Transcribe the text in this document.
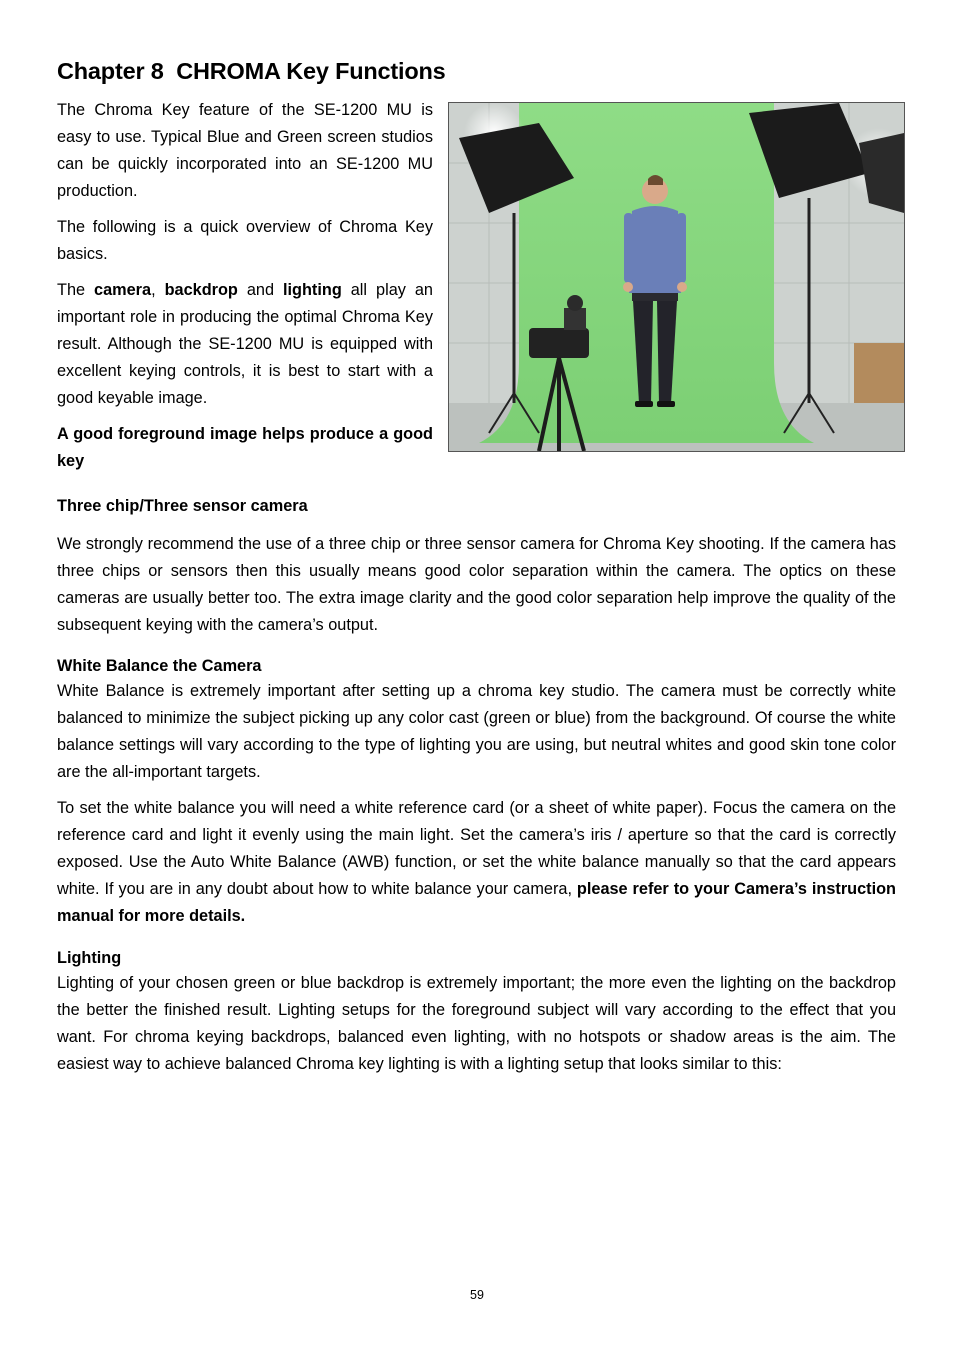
Chapter 8  CHROMA Key Functions

The Chroma Key feature of the SE-1200 MU is easy to use. Typical Blue and Green screen studios can be quickly incorporated into an SE-1200 MU production.

The following is a quick overview of Chroma Key basics.

The camera, backdrop and lighting all play an important role in producing the optimal Chroma Key result. Although the SE-1200 MU is equipped with excellent keying controls, it is best to start with a good keyable image.

A good foreground image helps produce a good key

Three chip/Three sensor camera

We strongly recommend the use of a three chip or three sensor camera for Chroma Key shooting. If the camera has three chips or sensors then this usually means good color separation within the camera. The optics on these cameras are usually better too. The extra image clarity and the good color separation help improve the quality of the subsequent keying with the camera’s output.

White Balance the Camera

White Balance is extremely important after setting up a chroma key studio. The camera must be correctly white balanced to minimize the subject picking up any color cast (green or blue) from the background. Of course the white balance settings will vary according to the type of lighting you are using, but neutral whites and good skin tone color are the all-important targets.

To set the white balance you will need a white reference card (or a sheet of white paper). Focus the camera on the reference card and light it evenly using the main light. Set the camera’s iris / aperture so that the card is correctly exposed. Use the Auto White Balance (AWB) function, or set the white balance manually so that the card appears white. If you are in any doubt about how to white balance your camera, please refer to your Camera’s instruction manual for more details.

Lighting

Lighting of your chosen green or blue backdrop is extremely important; the more even the lighting on the backdrop the better the finished result. Lighting setups for the foreground subject will vary according to the effect that you want. For chroma keying backdrops, balanced even lighting, with no hotspots or shadow areas is the aim. The easiest way to achieve balanced Chroma key lighting is with a lighting setup that looks similar to this:

59
